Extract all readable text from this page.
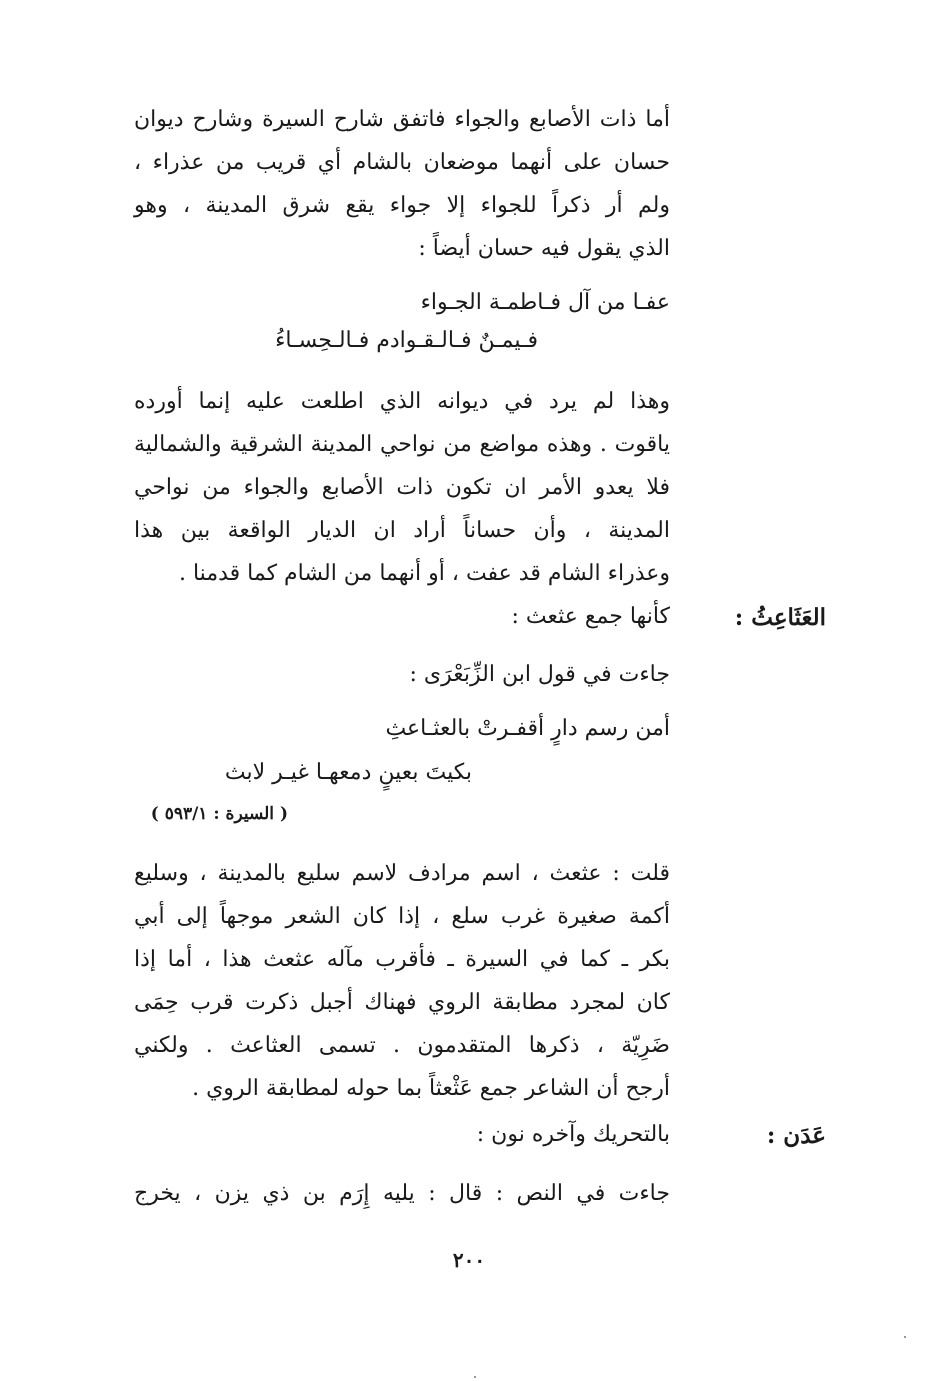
أما ذات الأصابع والجواء فاتفق شارح السيرة وشارح ديوان
حسان على أنهما موضعان بالشام أي قريب من عذراء ،
ولم أر ذكراً للجواء إلا جواء يقع شرق المدينة ، وهو
الذي يقول فيه حسان أيضاً :

عفـا من آل فـاطمـة الجـواء

فـيمـنٌ فـالـقـوادم فـالـحِسـاءُ

وهذا لم يرد في ديوانه الذي اطلعت عليه إنما أورده
ياقوت . وهذه مواضع من نواحي المدينة الشرقية والشمالية
فلا يعدو الأمر ان تكون ذات الأصابع والجواء من نواحي
المدينة ، وأن حساناً أراد ان الديار الواقعة بين هذا
وعذراء الشام قد عفت ، أو أنهما من الشام كما قدمنا .

العَثَاعِثُ :

كأنها جمع عثعث :

جاءت في قول ابن الزِّبَعْرَى :

أمن رسم دارٍ أقفـرتْ بالعثـاعثِ

بكيتَ بعينٍ دمعهـا غيـر لابث

( السيرة : ٥٩٣/١ )

قلت : عثعث ، اسم مرادف لاسم سليع بالمدينة ، وسليع
أكمة صغيرة غرب سلع ، إذا كان الشعر موجهاً إلى أبي
بكر ـ كما في السيرة ـ فأقرب مآله عثعث هذا ، أما إذا
كان لمجرد مطابقة الروي فهناك أجبل ذكرت قرب حِمَى
ضَرِيّة ، ذكرها المتقدمون . تسمى العثاعث . ولكني
أرجح أن الشاعر جمع عَثْعثاً بما حوله لمطابقة الروي .

عَدَن :

بالتحريك وآخره نون :

جاءت في النص : قال : يليه إِرَم بن ذي يزن ، يخرج

٢٠٠
